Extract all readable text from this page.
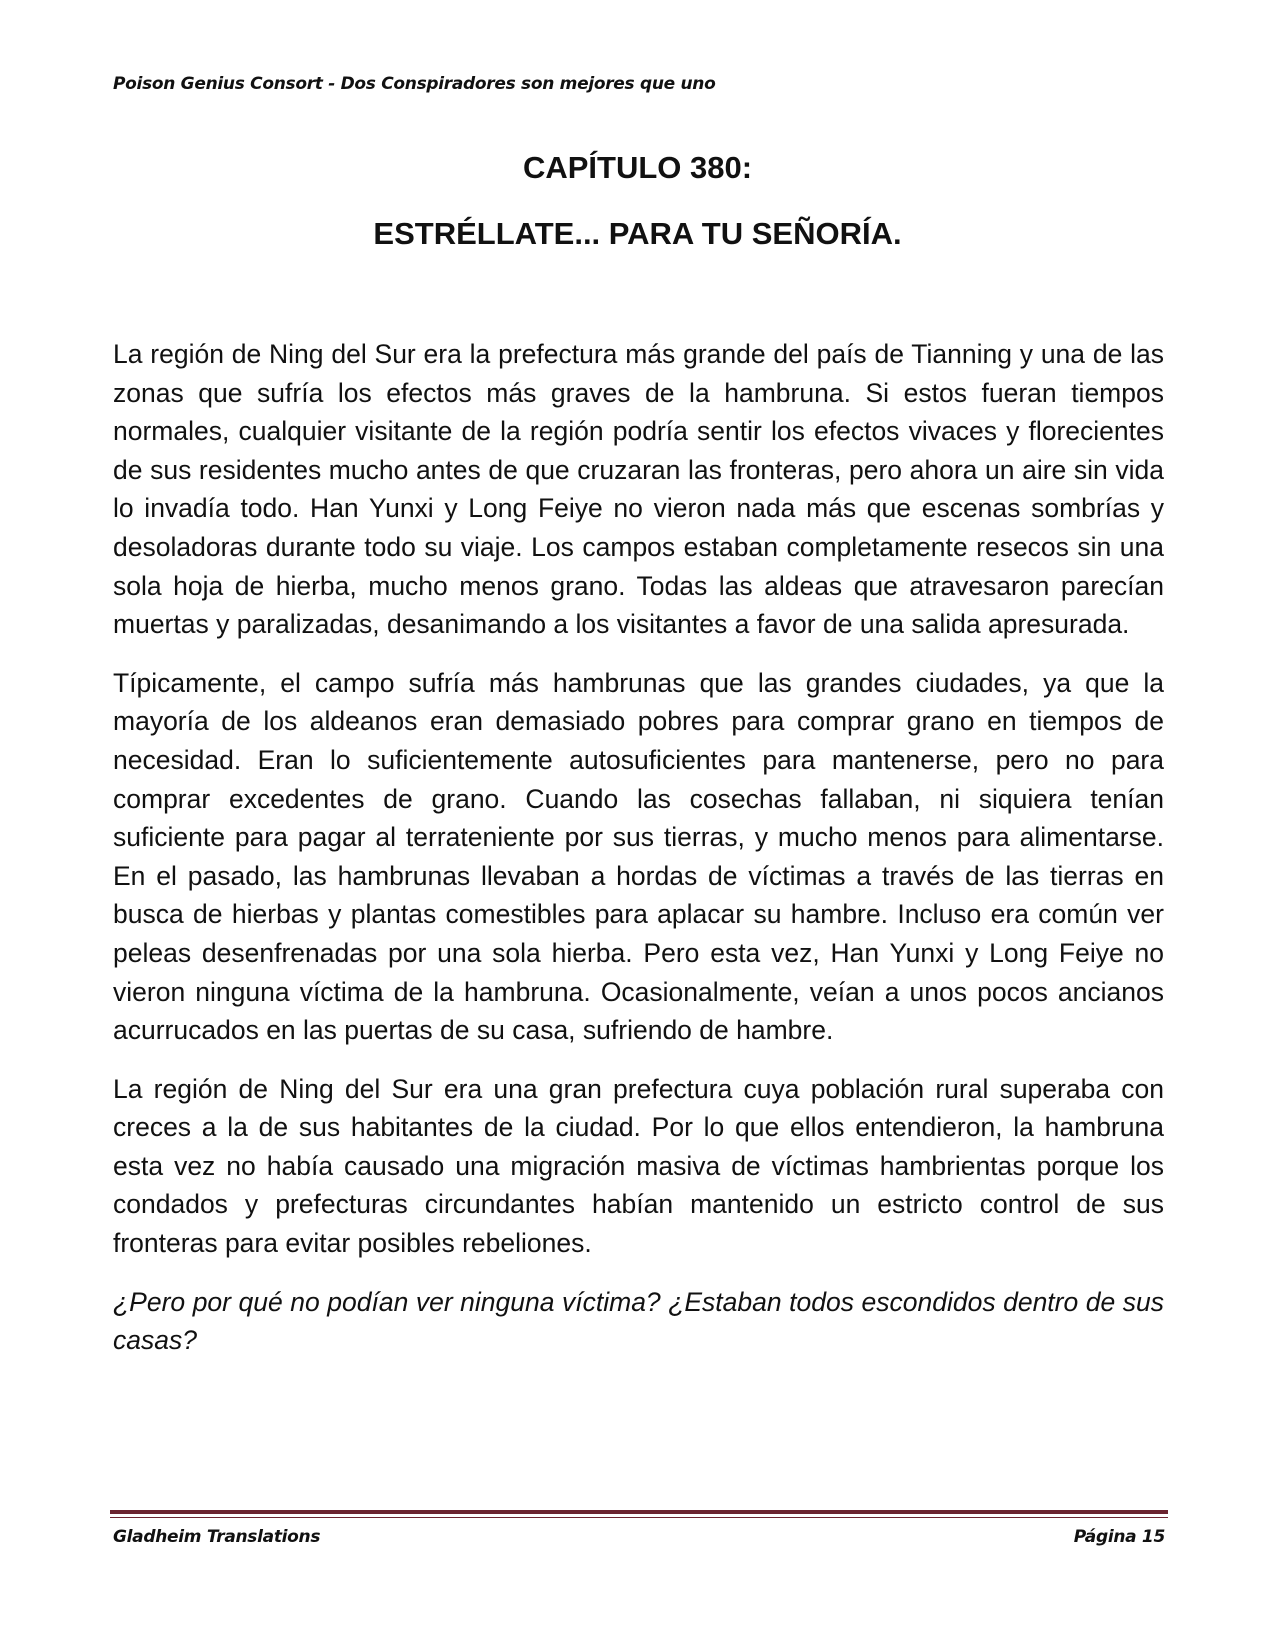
Poison Genius Consort - Dos Conspiradores son mejores que uno
CAPÍTULO 380:
ESTRÉLLATE... PARA TU SEÑORÍA.

La región de Ning del Sur era la prefectura más grande del país de Tianning y una de las zonas que sufría los efectos más graves de la hambruna. Si estos fueran tiempos normales, cualquier visitante de la región podría sentir los efectos vivaces y florecientes de sus residentes mucho antes de que cruzaran las fronteras, pero ahora un aire sin vida lo invadía todo. Han Yunxi y Long Feiye no vieron nada más que escenas sombrías y desoladoras durante todo su viaje. Los campos estaban completamente resecos sin una sola hoja de hierba, mucho menos grano. Todas las aldeas que atravesaron parecían muertas y paralizadas, desanimando a los visitantes a favor de una salida apresurada.

Típicamente, el campo sufría más hambrunas que las grandes ciudades, ya que la mayoría de los aldeanos eran demasiado pobres para comprar grano en tiempos de necesidad. Eran lo suficientemente autosuficientes para mantenerse, pero no para comprar excedentes de grano. Cuando las cosechas fallaban, ni siquiera tenían suficiente para pagar al terrateniente por sus tierras, y mucho menos para alimentarse. En el pasado, las hambrunas llevaban a hordas de víctimas a través de las tierras en busca de hierbas y plantas comestibles para aplacar su hambre. Incluso era común ver peleas desenfrenadas por una sola hierba. Pero esta vez, Han Yunxi y Long Feiye no vieron ninguna víctima de la hambruna. Ocasionalmente, veían a unos pocos ancianos acurrucados en las puertas de su casa, sufriendo de hambre.

La región de Ning del Sur era una gran prefectura cuya población rural superaba con creces a la de sus habitantes de la ciudad. Por lo que ellos entendieron, la hambruna esta vez no había causado una migración masiva de víctimas hambrientas porque los condados y prefecturas circundantes habían mantenido un estricto control de sus fronteras para evitar posibles rebeliones.

¿Pero por qué no podían ver ninguna víctima? ¿Estaban todos escondidos dentro de sus casas?

Gladheim Translations	Página 15
